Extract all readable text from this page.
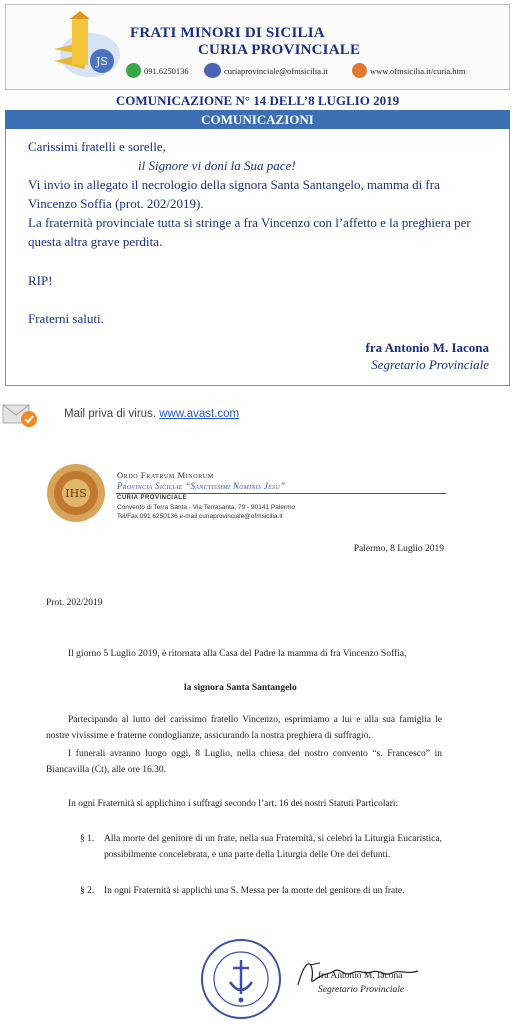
JS
FRATI MINORI DI SICILIA
CURIA PROVINCIALE
091.6250136	curiaprovinciale@ofmsicilia.it	www.ofmsicilia.it/curia.htm
COMUNICAZIONE N° 14 DELL’8 LUGLIO 2019
COMUNICAZIONI
Carissimi fratelli e sorelle,
il Signore vi doni la Sua pace!
Vi invio in allegato il necrologio della signora Santa Santangelo, mamma di fra Vincenzo Soffia (prot. 202/2019).
La fraternità provinciale tutta si stringe a fra Vincenzo con l’affetto e la preghiera per questa altra grave perdita.
RIP!
Fraterni saluti.
fra Antonio M. Iacona
Segretario Provinciale
Mail priva di virus. www.avast.com
IHS
Ordo Fratrum Minorum
Provincia Siciliae “Sanctissimi Nominis Jesu”
CURIA PROVINCIALE
Convento di Terra Santa - Via Terrasanta, 79 - 90141 Palermo
Tel/Fax 091 6250136 e-mail curiaprovinciale@ofmsicilia.it
Palermo, 8 Luglio 2019
Prot. 202/2019
Il giorno 5 Luglio 2019, è ritornata alla Casa del Padre la mamma di fra Vincenzo Soffia,
la signora Santa Santangelo
Partecipando al lutto del carissimo fratello Vincenzo, esprimiamo a lui e alla sua famiglia le nostre vivissime e fraterne condoglianze, assicurando la nostra preghiera di suffragio.
I funerali avranno luogo oggi, 8 Luglio, nella chiesa del nostro convento “s. Francesco” in Biancavilla (Ct), alle ore 16.30.
In ogni Fraternità si applichino i suffragi secondo l’art. 16 dei nostri Statuti Particolari:
§ 1. Alla morte del genitore di un frate, nella sua Fraternità, si celebri la Liturgia Eucaristica, possibilmente concelebrata, e una parte della Liturgia delle Ore dei defunti.
§ 2. In ogni Fraternità si applichi una S. Messa per la morte del genitore di un frate.
fra Antonio M. Iacona
Segretario Provinciale
